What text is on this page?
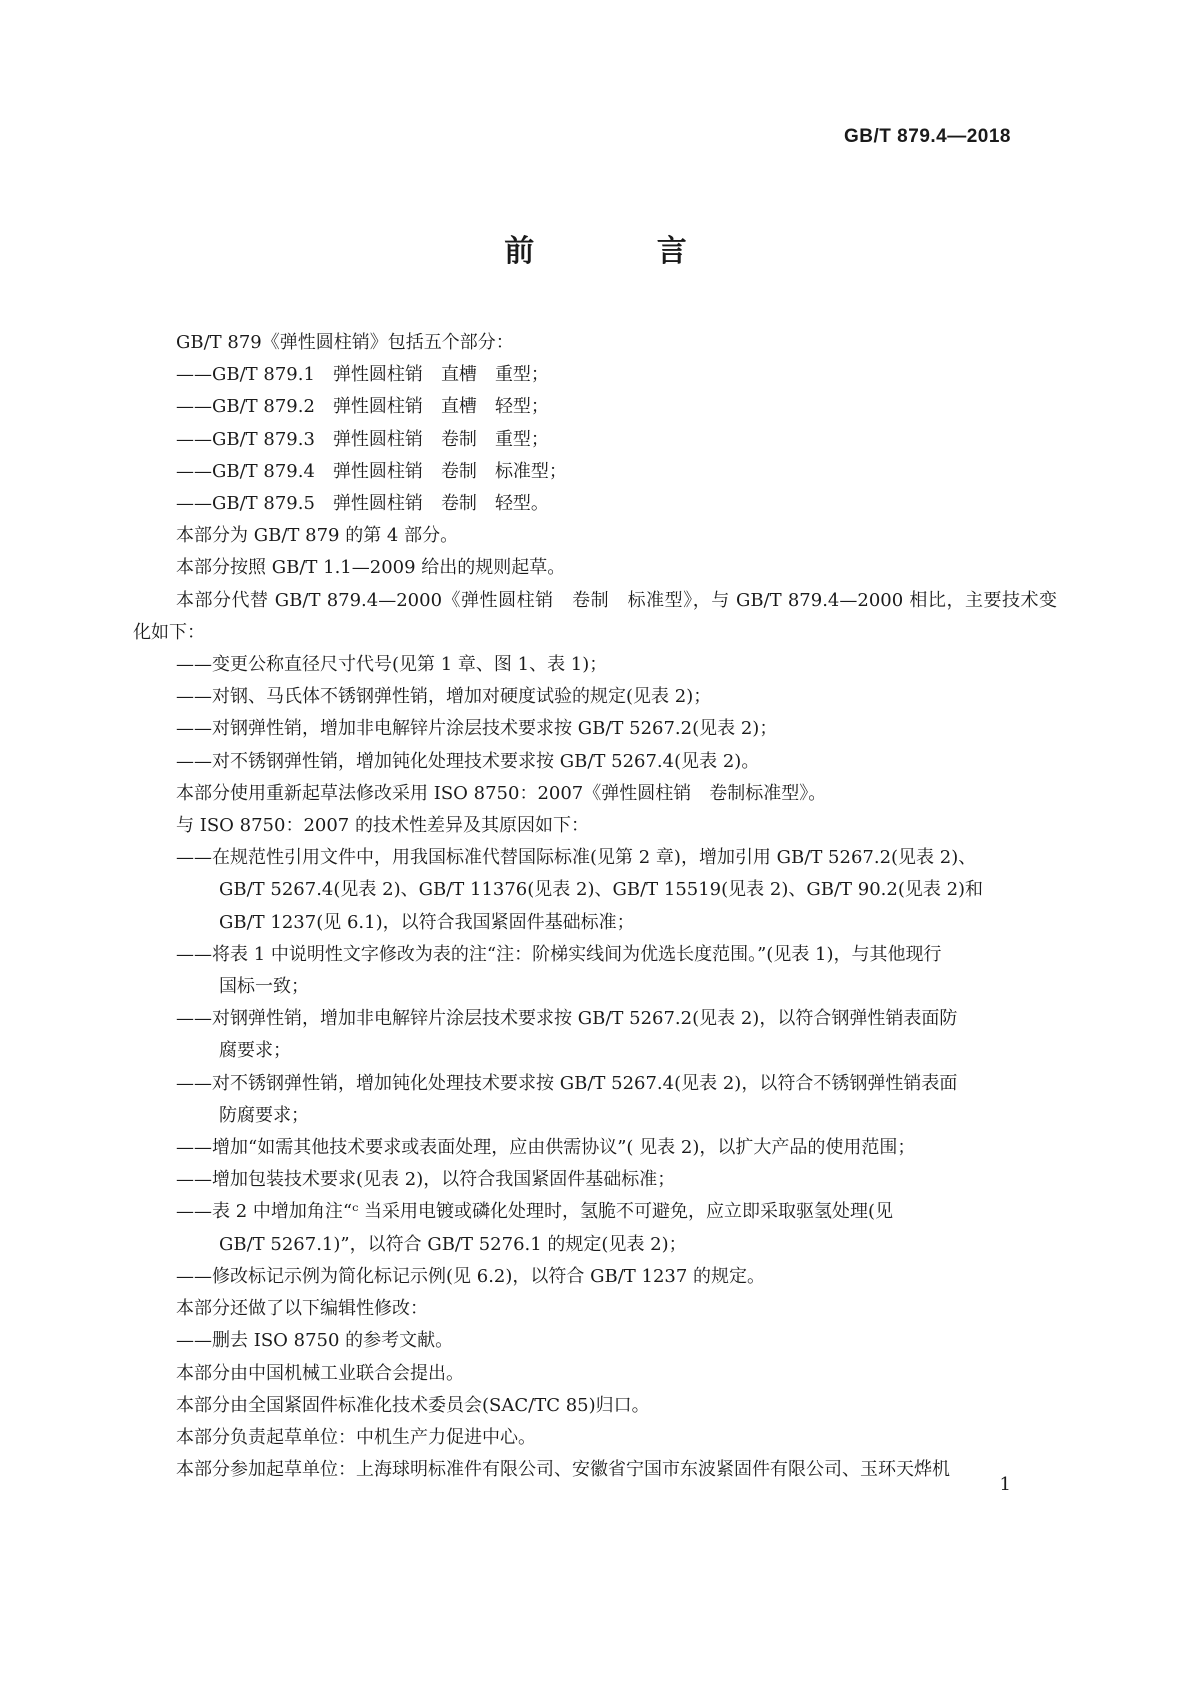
GB/T 879.4—2018
前 言
GB/T 879《弹性圆柱销》包括五个部分：
——GB/T 879.1 弹性圆柱销 直槽 重型；
——GB/T 879.2 弹性圆柱销 直槽 轻型；
——GB/T 879.3 弹性圆柱销 卷制 重型；
——GB/T 879.4 弹性圆柱销 卷制 标准型；
——GB/T 879.5 弹性圆柱销 卷制 轻型。
本部分为 GB/T 879 的第 4 部分。
本部分按照 GB/T 1.1—2009 给出的规则起草。
本部分代替 GB/T 879.4—2000《弹性圆柱销　卷制　标准型》，与 GB/T 879.4—2000 相比，主要技术变化如下：
——变更公称直径尺寸代号(见第 1 章、图 1、表 1)；
——对钢、马氏体不锈钢弹性销，增加对硬度试验的规定(见表 2)；
——对钢弹性销，增加非电解锌片涂层技术要求按 GB/T 5267.2(见表 2)；
——对不锈钢弹性销，增加钝化处理技术要求按 GB/T 5267.4(见表 2)。
本部分使用重新起草法修改采用 ISO 8750：2007《弹性圆柱销　卷制标准型》。
与 ISO 8750：2007 的技术性差异及其原因如下：
——在规范性引用文件中，用我国标准代替国际标准(见第 2 章)，增加引用 GB/T 5267.2(见表 2)、
GB/T 5267.4(见表 2)、GB/T 11376(见表 2)、GB/T 15519(见表 2)、GB/T 90.2(见表 2)和
GB/T 1237(见 6.1)，以符合我国紧固件基础标准；
——将表 1 中说明性文字修改为表的注“注：阶梯实线间为优选长度范围。”(见表 1)，与其他现行
国标一致；
——对钢弹性销，增加非电解锌片涂层技术要求按 GB/T 5267.2(见表 2)，以符合钢弹性销表面防
腐要求；
——对不锈钢弹性销，增加钝化处理技术要求按 GB/T 5267.4(见表 2)，以符合不锈钢弹性销表面
防腐要求；
——增加“如需其他技术要求或表面处理，应由供需协议”( 见表 2)，以扩大产品的使用范围；
——增加包装技术要求(见表 2)，以符合我国紧固件基础标准；
——表 2 中增加角注“ᶜ 当采用电镀或磷化处理时，氢脆不可避免，应立即采取驱氢处理(见
GB/T 5267.1)”，以符合 GB/T 5276.1 的规定(见表 2)；
——修改标记示例为简化标记示例(见 6.2)，以符合 GB/T 1237 的规定。
本部分还做了以下编辑性修改：
——删去 ISO 8750 的参考文献。
本部分由中国机械工业联合会提出。
本部分由全国紧固件标准化技术委员会(SAC/TC 85)归口。
本部分负责起草单位：中机生产力促进中心。
本部分参加起草单位：上海球明标准件有限公司、安徽省宁国市东波紧固件有限公司、玉环天烨机
1
